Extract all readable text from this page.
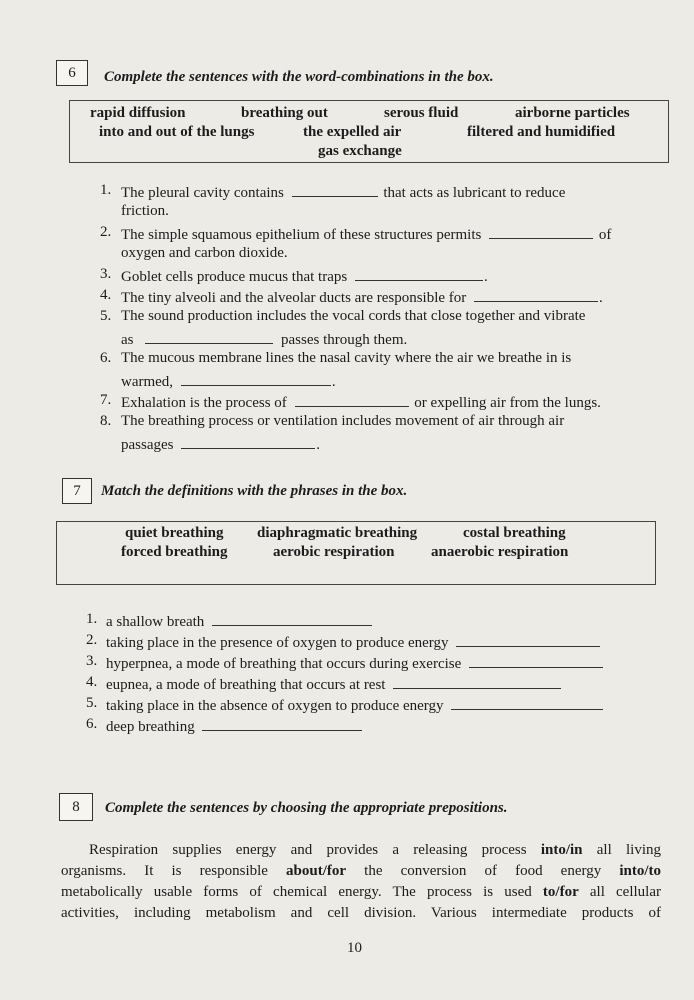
6	Complete the sentences with the word-combinations in the box.
rapid diffusion	breathing out	serous fluid	airborne particles
into and out of the lungs	the expelled air	filtered and humidified
gas exchange
1. The pleural cavity contains	that acts as lubricant to reduce
friction.
2. The simple squamous epithelium of these structures permits	of
oxygen and carbon dioxide.
3. Goblet cells produce mucus that traps	.
4. The tiny alveoli and the alveolar ducts are responsible for	.
5. The sound production includes the vocal cords that close together and vibrate
as	passes through them.
6. The mucous membrane lines the nasal cavity where the air we breathe in is
warmed,	.
7. Exhalation is the process of	or expelling air from the lungs.
8. The breathing process or ventilation includes movement of air through air
passages	.
7	Match the definitions with the phrases in the box.
quiet breathing diaphragmatic breathing	costal breathing
forced breathing	aerobic respiration anaerobic respiration
1. a shallow breath
2. taking place in the presence of oxygen to produce energy
3. hyperpnea, a mode of breathing that occurs during exercise
4. eupnea, a mode of breathing that occurs at rest
5. taking place in the absence of oxygen to produce energy
6. deep breathing
8	Complete the sentences by choosing the appropriate prepositions.
Respiration supplies energy and provides a releasing process into/in all living
organisms. It is responsible about/for the conversion of food energy into/to
metabolically usable forms of chemical energy. The process is used to/for all cellular
activities, including metabolism and cell division. Various intermediate products of
10
